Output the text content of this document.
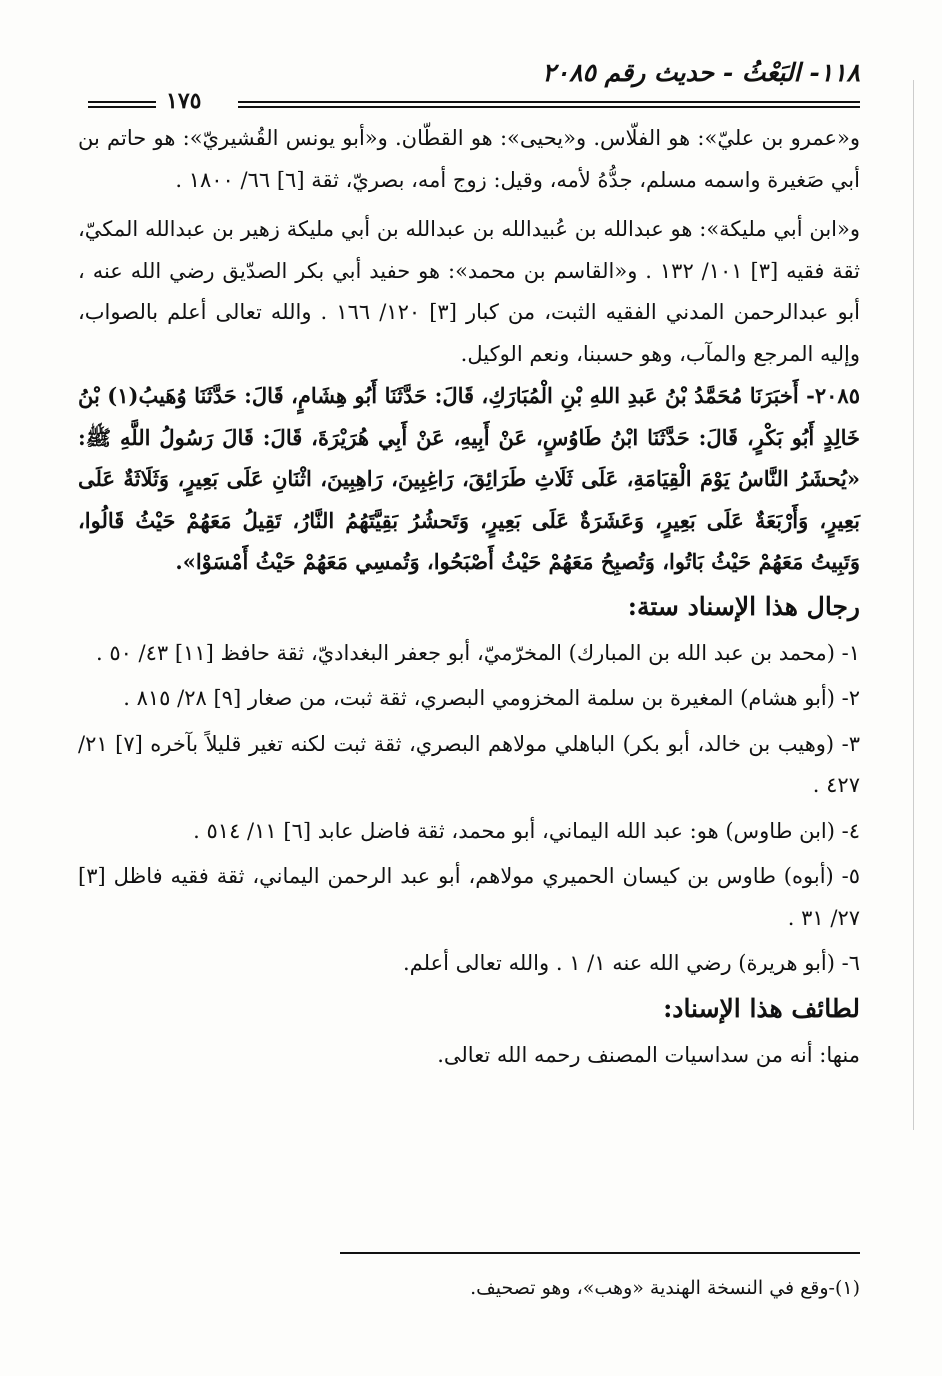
١١٨- البَعْثُ - حديث رقم ٢٠٨٥
١٧٥

و«عمرو بن عليّ»: هو الفلّاس. و«يحيى»: هو القطّان. و«أبو يونس القُشيريّ»: هو حاتم بن أبي صَغيرة واسمه مسلم، جدُّهُ لأمه، وقيل: زوج أمه، بصريّ، ثقة [٦] ٦٦/ ١٨٠٠ .

و«ابن أبي مليكة»: هو عبدالله بن عُبيدالله بن عبدالله بن أبي مليكة زهير بن عبدالله المكيّ، ثقة فقيه [٣] ١٠١/ ١٣٢ . و«القاسم بن محمد»: هو حفيد أبي بكر الصدّيق رضي الله عنه ، أبو عبدالرحمن المدني الفقيه الثبت، من كبار [٣] ١٢٠/ ١٦٦ . والله تعالى أعلم بالصواب، وإليه المرجع والمآب، وهو حسبنا، ونعم الوكيل.

٢٠٨٥- أَخبَرَنَا مُحَمَّدُ بْنُ عَبدِ اللهِ بْنِ الْمُبَارَكِ، قَالَ: حَدَّثَنَا أَبُو هِشَامٍ، قَالَ: حَدَّثَنَا وُهَيبُ(١) بْنُ خَالِدٍ أَبُو بَكْرٍ، قَالَ: حَدَّثَنَا ابْنُ طَاوُسٍ، عَنْ أَبِيهِ، عَنْ أَبِي هُرَيْرَةَ، قَالَ: قَالَ رَسُولُ اللَّهِ ﷺ: «يُحشَرُ النَّاسُ يَوْمَ الْقِيَامَةِ، عَلَى ثَلَاثِ طَرَائِقَ، رَاغِبِينَ، رَاهِبِينَ، اثْنَانِ عَلَى بَعِيرٍ، وَثَلَاثَةٌ عَلَى بَعِيرٍ، وَأَرْبَعَةٌ عَلَى بَعِيرٍ، وَعَشَرَةٌ عَلَى بَعِيرٍ، وَتَحشُرُ بَقِيَّتَهُمُ النَّارُ، تَقِيلُ مَعَهُمْ حَيْثُ قَالُوا، وَتَبِيتُ مَعَهُمْ حَيْثُ بَاتُوا، وَتُصبِحُ مَعَهُمْ حَيْثُ أَصْبَحُوا، وَتُمسِي مَعَهُمْ حَيْثُ أَمْسَوْا».

رجال هذا الإسناد ستة:

١- (محمد بن عبد الله بن المبارك) المخرّميّ، أبو جعفر البغداديّ، ثقة حافظ [١١] ٤٣/ ٥٠ .

٢- (أبو هشام) المغيرة بن سلمة المخزومي البصري، ثقة ثبت، من صغار [٩] ٢٨/ ٨١٥ .

٣- (وهيب بن خالد، أبو بكر) الباهلي مولاهم البصري، ثقة ثبت لكنه تغير قليلاً بآخره [٧] ٢١/ ٤٢٧ .

٤- (ابن طاوس) هو: عبد الله اليماني، أبو محمد، ثقة فاضل عابد [٦] ١١/ ٥١٤ .

٥- (أبوه) طاوس بن كيسان الحميري مولاهم، أبو عبد الرحمن اليماني، ثقة فقيه فاظل [٣] ٢٧/ ٣١ .

٦- (أبو هريرة) رضي الله عنه ١/ ١ . والله تعالى أعلم.

لطائف هذا الإسناد:

منها: أنه من سداسيات المصنف رحمه الله تعالى.

(١)-وقع في النسخة الهندية «وهب»، وهو تصحيف.
